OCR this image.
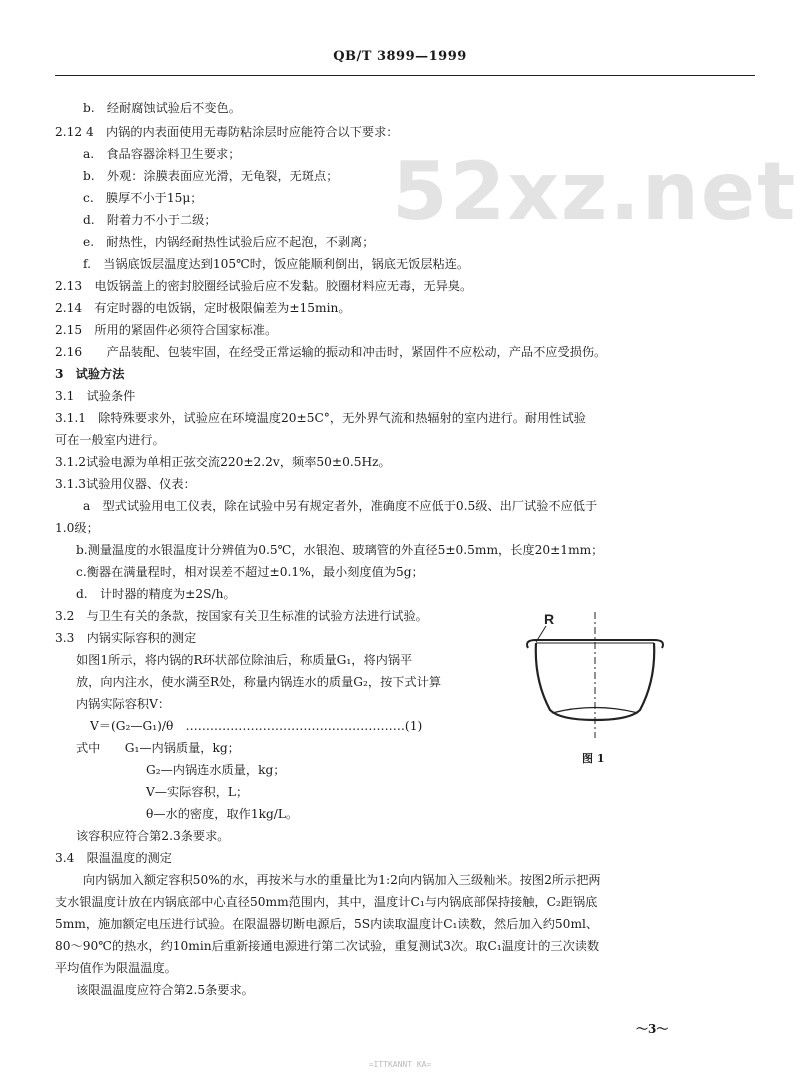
QB/T 3899—1999
52xz.net
b.　经耐腐蚀试验后不变色。
2.12 4　内锅的内表面使用无毒防粘涂层时应能符合以下要求：
a.　食品容器涂料卫生要求；
b.　外观：涂膜表面应光滑，无龟裂，无斑点；
c.　膜厚不小于15μ；
d.　附着力不小于二级；
e.　耐热性，内锅经耐热性试验后应不起泡，不剥离；
f.　当锅底饭层温度达到105℃时，饭应能顺利倒出，锅底无饭层粘连。
2.13　电饭锅盖上的密封胶圈经试验后应不发黏。胶圈材料应无毒，无异臭。
2.14　有定时器的电饭锅，定时极限偏差为±15min。
2.15　所用的紧固件必须符合国家标准。
2.16　　产品装配、包装牢固，在经受正常运输的振动和冲击时，紧固件不应松动，产品不应受损伤。
3　试验方法
3.1　试验条件
3.1.1　除特殊要求外，试验应在环境温度20±5C°，无外界气流和热辐射的室内进行。耐用性试验
可在一般室内进行。
3.1.2试验电源为单相正弦交流220±2.2v，频率50±0.5Hz。
3.1.3试验用仪器、仪表：
a　型式试验用电工仪表，除在试验中另有规定者外，准确度不应低于0.5级、出厂试验不应低于
1.0级；
b.测量温度的水银温度计分辨值为0.5℃，水银泡、玻璃管的外直径5±0.5mm，长度20±1mm；
c.衡器在满量程时，相对误差不超过±0.1%，最小刻度值为5g；
d.　计时器的精度为±2S/h。
3.2　与卫生有关的条款，按国家有关卫生标准的试验方法进行试验。
3.3　内锅实际容积的测定
如图1所示，将内锅的R环状部位除油后，称质量G₁，将内锅平
放，向内注水，使水满至R处，称量内锅连水的质量G₂，按下式计算
内锅实际容积V：
V＝(G₂—G₁)/θ　………………………………………………(1)
式中　　G₁—内锅质量，kg；
G₂—内锅连水质量，kg；
V—实际容积，L；
θ—水的密度，取作1kg/L。
该容积应符合第2.3条要求。
3.4　限温温度的测定
向内锅加入额定容积50%的水，再按米与水的重量比为1:2向内锅加入三级籼米。按图2所示把两
支水银温度计放在内锅底部中心直径50mm范围内，其中，温度计C₁与内锅底部保持接触，C₂距锅底
5mm，施加额定电压进行试验。在限温器切断电源后，5S内读取温度计C₁读数，然后加入约50ml、
80～90℃的热水，约10min后重新接通电源进行第二次试验，重复测试3次。取C₁温度计的三次读数
平均值作为限温温度。
该限温温度应符合第2.5条要求。
R
图 1
～3～
=ITTKANNT KA=
